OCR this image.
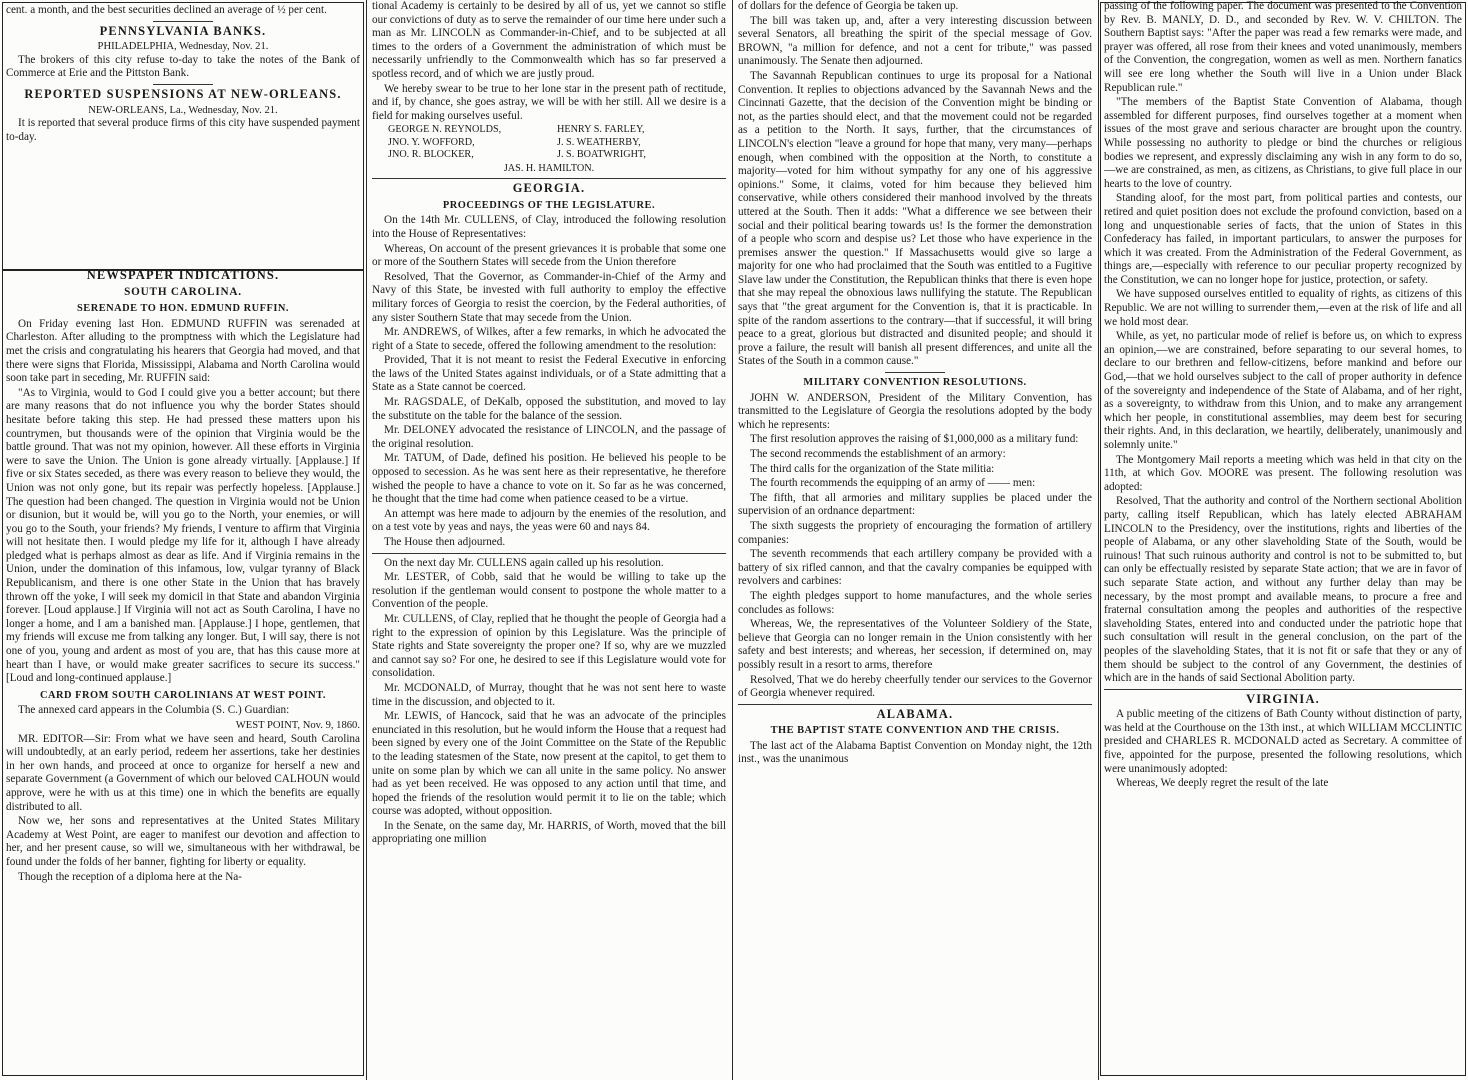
cent. a month, and the best securities declined an average of ½ per cent.

PENNSYLVANIA BANKS.

PHILADELPHIA, Wednesday, Nov. 21.

The brokers of this city refuse to-day to take the notes of the Bank of Commerce at Erie and the Pittston Bank.

REPORTED SUSPENSIONS AT NEW-ORLEANS.

NEW-ORLEANS, La., Wednesday, Nov. 21.

It is reported that several produce firms of this city have suspended payment to-day.

NEWSPAPER INDICATIONS.

SOUTH CAROLINA.

SERENADE TO HON. EDMUND RUFFIN.

On Friday evening last Hon. EDMUND RUFFIN was serenaded at Charleston. After alluding to the promptness with which the Legislature had met the crisis and congratulating his hearers that Georgia had moved, and that there were signs that Florida, Mississippi, Alabama and North Carolina would soon take part in seceding, Mr. RUFFIN said:

"As to Virginia, would to God I could give you a better account; but there are many reasons that do not influence you why the border States should hesitate before taking this step. He had pressed these matters upon his countrymen, but thousands were of the opinion that Virginia would be the battle ground. That was not my opinion, however. All these efforts in Virginia were to save the Union. The Union is gone already virtually. [Applause.] If five or six States seceded, as there was every reason to believe they would, the Union was not only gone, but its repair was perfectly hopeless. [Applause.] The question had been changed. The question in Virginia would not be Union or disunion, but it would be, will you go to the North, your enemies, or will you go to the South, your friends? My friends, I venture to affirm that Virginia will not hesitate then. I would pledge my life for it, although I have already pledged what is perhaps almost as dear as life. And if Virginia remains in the Union, under the domination of this infamous, low, vulgar tyranny of Black Republicanism, and there is one other State in the Union that has bravely thrown off the yoke, I will seek my domicil in that State and abandon Virginia forever. [Loud applause.] If Virginia will not act as South Carolina, I have no longer a home, and I am a banished man. [Applause.] I hope, gentlemen, that my friends will excuse me from talking any longer. But, I will say, there is not one of you, young and ardent as most of you are, that has this cause more at heart than I have, or would make greater sacrifices to secure its success." [Loud and long-continued applause.]

CARD FROM SOUTH CAROLINIANS AT WEST POINT.

The annexed card appears in the Columbia (S. C.) Guardian:

WEST POINT, Nov. 9, 1860.

MR. EDITOR—Sir: From what we have seen and heard, South Carolina will undoubtedly, at an early period, redeem her assertions, take her destinies in her own hands, and proceed at once to organize for herself a new and separate Government (a Government of which our beloved CALHOUN would approve, were he with us at this time) one in which the benefits are equally distributed to all.

Now we, her sons and representatives at the United States Military Academy at West Point, are eager to manifest our devotion and affection to her, and her present cause, so will we, simultaneous with her withdrawal, be found under the folds of her banner, fighting for liberty or equality.

Though the reception of a diploma here at the Na-

tional Academy is certainly to be desired by all of us, yet we cannot so stifle our convictions of duty as to serve the remainder of our time here under such a man as Mr. LINCOLN as Commander-in-Chief, and to be subjected at all times to the orders of a Government the administration of which must be necessarily unfriendly to the Commonwealth which has so far preserved a spotless record, and of which we are justly proud.

We hereby swear to be true to her lone star in the present path of rectitude, and if, by chance, she goes astray, we will be with her still. All we desire is a field for making ourselves useful.

GEORGE N. REYNOLDS,	HENRY S. FARLEY,
JNO. Y. WOFFORD,	J. S. WEATHERBY,
JNO. R. BLOCKER,	J. S. BOATWRIGHT,
JAS. H. HAMILTON.

GEORGIA.

PROCEEDINGS OF THE LEGISLATURE.

On the 14th Mr. CULLENS, of Clay, introduced the following resolution into the House of Representatives:

Whereas, On account of the present grievances it is probable that some one or more of the Southern States will secede from the Union therefore

Resolved, That the Governor, as Commander-in-Chief of the Army and Navy of this State, be invested with full authority to employ the effective military forces of Georgia to resist the coercion, by the Federal authorities, of any sister Southern State that may secede from the Union.

Mr. ANDREWS, of Wilkes, after a few remarks, in which he advocated the right of a State to secede, offered the following amendment to the resolution:

Provided, That it is not meant to resist the Federal Executive in enforcing the laws of the United States against individuals, or of a State admitting that a State as a State cannot be coerced.

Mr. RAGSDALE, of DeKalb, opposed the substitution, and moved to lay the substitute on the table for the balance of the session.

Mr. DELONEY advocated the resistance of LINCOLN, and the passage of the original resolution.

Mr. TATUM, of Dade, defined his position. He believed his people to be opposed to secession. As he was sent here as their representative, he therefore wished the people to have a chance to vote on it. So far as he was concerned, he thought that the time had come when patience ceased to be a virtue.

An attempt was here made to adjourn by the enemies of the resolution, and on a test vote by yeas and nays, the yeas were 60 and nays 84.

The House then adjourned.

On the next day Mr. CULLENS again called up his resolution.

Mr. LESTER, of Cobb, said that he would be willing to take up the resolution if the gentleman would consent to postpone the whole matter to a Convention of the people.

Mr. CULLENS, of Clay, replied that he thought the people of Georgia had a right to the expression of opinion by this Legislature. Was the principle of State rights and State sovereignty the proper one? If so, why are we muzzled and cannot say so? For one, he desired to see if this Legislature would vote for consolidation.

Mr. MCDONALD, of Murray, thought that he was not sent here to waste time in the discussion, and objected to it.

Mr. LEWIS, of Hancock, said that he was an advocate of the principles enunciated in this resolution, but he would inform the House that a request had been signed by every one of the Joint Committee on the State of the Republic to the leading statesmen of the State, now present at the capitol, to get them to unite on some plan by which we can all unite in the same policy. No answer had as yet been received. He was opposed to any action until that time, and hoped the friends of the resolution would permit it to lie on the table; which course was adopted, without opposition.

In the Senate, on the same day, Mr. HARRIS, of Worth, moved that the bill appropriating one million

of dollars for the defence of Georgia be taken up.

The bill was taken up, and, after a very interesting discussion between several Senators, all breathing the spirit of the special message of Gov. BROWN, "a million for defence, and not a cent for tribute," was passed unanimously. The Senate then adjourned.

The Savannah Republican continues to urge its proposal for a National Convention. It replies to objections advanced by the Savannah News and the Cincinnati Gazette, that the decision of the Convention might be binding or not, as the parties should elect, and that the movement could not be regarded as a petition to the North. It says, further, that the circumstances of LINCOLN's election "leave a ground for hope that many, very many—perhaps enough, when combined with the opposition at the North, to constitute a majority—voted for him without sympathy for any one of his aggressive opinions." Some, it claims, voted for him because they believed him conservative, while others considered their manhood involved by the threats uttered at the South. Then it adds: "What a difference we see between their social and their political bearing towards us! Is the former the demonstration of a people who scorn and despise us? Let those who have experience in the premises answer the question." If Massachusetts would give so large a majority for one who had proclaimed that the South was entitled to a Fugitive Slave law under the Constitution, the Republican thinks that there is even hope that she may repeal the obnoxious laws nullifying the statute. The Republican says that "the great argument for the Convention is, that it is practicable. In spite of the random assertions to the contrary—that if successful, it will bring peace to a great, glorious but distracted and disunited people; and should it prove a failure, the result will banish all present differences, and unite all the States of the South in a common cause."

MILITARY CONVENTION RESOLUTIONS.

JOHN W. ANDERSON, President of the Military Convention, has transmitted to the Legislature of Georgia the resolutions adopted by the body which he represents:

The first resolution approves the raising of $1,000,000 as a military fund:

The second recommends the establishment of an armory:

The third calls for the organization of the State militia:

The fourth recommends the equipping of an army of —— men:

The fifth, that all armories and military supplies be placed under the supervision of an ordnance department:

The sixth suggests the propriety of encouraging the formation of artillery companies:

The seventh recommends that each artillery company be provided with a battery of six rifled cannon, and that the cavalry companies be equipped with revolvers and carbines:

The eighth pledges support to home manufactures, and the whole series concludes as follows:

Whereas, We, the representatives of the Volunteer Soldiery of the State, believe that Georgia can no longer remain in the Union consistently with her safety and best interests; and whereas, her secession, if determined on, may possibly result in a resort to arms, therefore

Resolved, That we do hereby cheerfully tender our services to the Governor of Georgia whenever required.

ALABAMA.

THE BAPTIST STATE CONVENTION AND THE CRISIS.

The last act of the Alabama Baptist Convention on Monday night, the 12th inst., was the unanimous

passing of the following paper. The document was presented to the Convention by Rev. B. MANLY, D. D., and seconded by Rev. W. V. CHILTON. The Southern Baptist says: "After the paper was read a few remarks were made, and prayer was offered, all rose from their knees and voted unanimously, members of the Convention, the congregation, women as well as men. Northern fanatics will see ere long whether the South will live in a Union under Black Republican rule."

"The members of the Baptist State Convention of Alabama, though assembled for different purposes, find ourselves together at a moment when issues of the most grave and serious character are brought upon the country. While possessing no authority to pledge or bind the churches or religious bodies we represent, and expressly disclaiming any wish in any form to do so,—we are constrained, as men, as citizens, as Christians, to give full place in our hearts to the love of country.

Standing aloof, for the most part, from political parties and contests, our retired and quiet position does not exclude the profound conviction, based on a long and unquestionable series of facts, that the union of States in this Confederacy has failed, in important particulars, to answer the purposes for which it was created. From the Administration of the Federal Government, as things are,—especially with reference to our peculiar property recognized by the Constitution, we can no longer hope for justice, protection, or safety.

We have supposed ourselves entitled to equality of rights, as citizens of this Republic. We are not willing to surrender them,—even at the risk of life and all we hold most dear.

While, as yet, no particular mode of relief is before us, on which to express an opinion,—we are constrained, before separating to our several homes, to declare to our brethren and fellow-citizens, before mankind and before our God,—that we hold ourselves subject to the call of proper authority in defence of the sovereignty and independence of the State of Alabama, and of her right, as a sovereignty, to withdraw from this Union, and to make any arrangement which her people, in constitutional assemblies, may deem best for securing their rights. And, in this declaration, we heartily, deliberately, unanimously and solemnly unite."

The Montgomery Mail reports a meeting which was held in that city on the 11th, at which Gov. MOORE was present. The following resolution was adopted:

Resolved, That the authority and control of the Northern sectional Abolition party, calling itself Republican, which has lately elected ABRAHAM LINCOLN to the Presidency, over the institutions, rights and liberties of the people of Alabama, or any other slaveholding State of the South, would be ruinous! That such ruinous authority and control is not to be submitted to, but can only be effectually resisted by separate State action; that we are in favor of such separate State action, and without any further delay than may be necessary, by the most prompt and available means, to procure a free and fraternal consultation among the peoples and authorities of the respective slaveholding States, entered into and conducted under the patriotic hope that such consultation will result in the general conclusion, on the part of the peoples of the slaveholding States, that it is not fit or safe that they or any of them should be subject to the control of any Government, the destinies of which are in the hands of said Sectional Abolition party.

VIRGINIA.

A public meeting of the citizens of Bath County without distinction of party, was held at the Courthouse on the 13th inst., at which WILLIAM MCCLINTIC presided and CHARLES R. MCDONALD acted as Secretary. A committee of five, appointed for the purpose, presented the following resolutions, which were unanimously adopted:

Whereas, We deeply regret the result of the late
